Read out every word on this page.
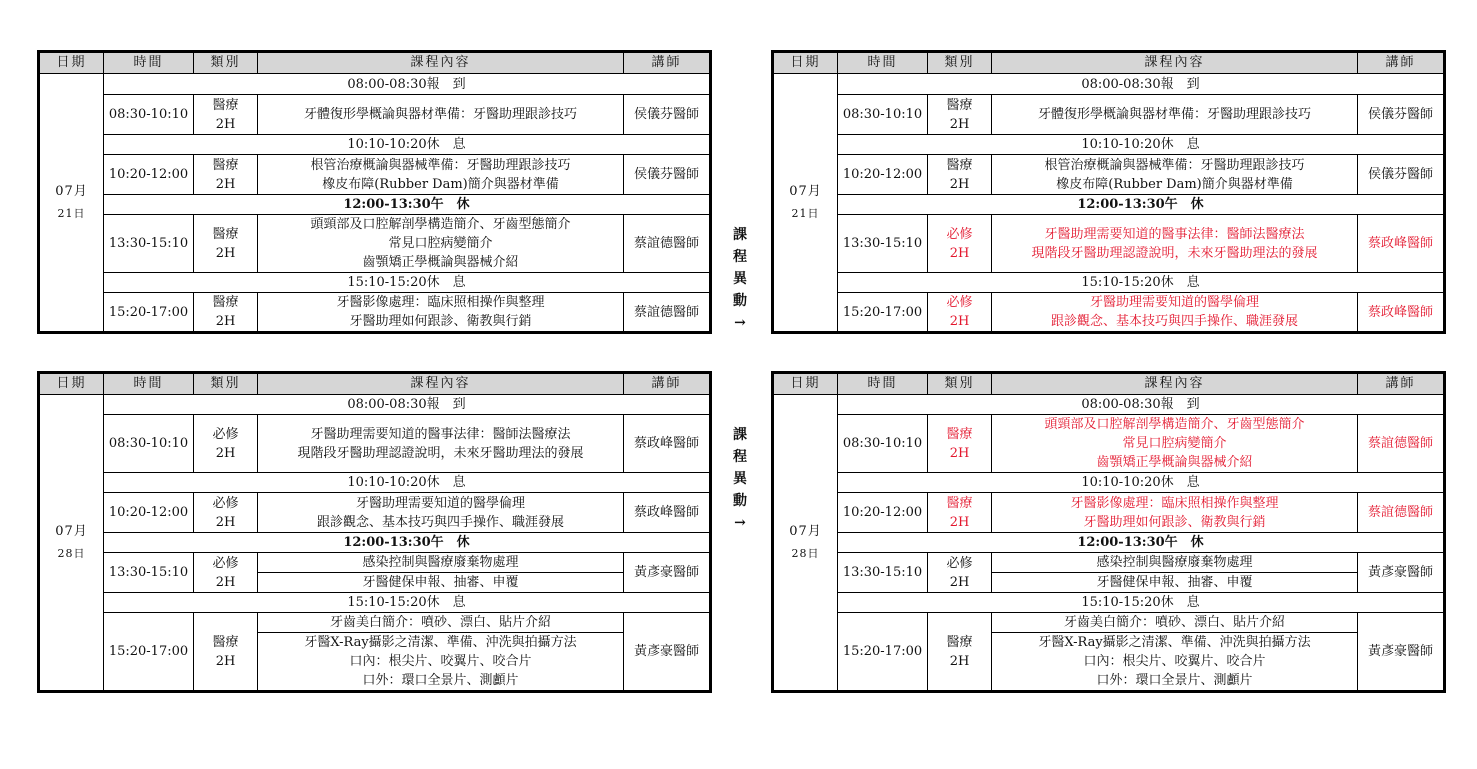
日期	時間	類別	課程內容	講師

07月
21日	08:00-08:30報　到			
	08:30-10:10	醫療
2H	牙體復形學概論與器材準備：牙醫助理跟診技巧	侯儀芬醫師
	10:10-10:20休　息			
	10:20-12:00	醫療
2H	根管治療概論與器械準備：牙醫助理跟診技巧
橡皮布障(Rubber Dam)簡介與器材準備	侯儀芬醫師
	12:00-13:30午　休			
	13:30-15:10	醫療
2H	頭頸部及口腔解剖學構造簡介、牙齒型態簡介
常見口腔病變簡介
齒顎矯正學概論與器械介紹	蔡誼德醫師
	15:10-15:20休　息			
	15:20-17:00	醫療
2H	牙醫影像處理：臨床照相操作與整理
牙醫助理如何跟診、衛教與行銷	蔡誼德醫師
課
程
異
動
→
日期	時間	類別	課程內容	講師

07月
21日	08:00-08:30報　到			
	08:30-10:10	醫療
2H	牙體復形學概論與器材準備：牙醫助理跟診技巧	侯儀芬醫師
	10:10-10:20休　息			
	10:20-12:00	醫療
2H	根管治療概論與器械準備：牙醫助理跟診技巧
橡皮布障(Rubber Dam)簡介與器材準備	侯儀芬醫師
	12:00-13:30午　休			
	13:30-15:10	必修
2H	牙醫助理需要知道的醫事法律：醫師法醫療法
現階段牙醫助理認證說明，未來牙醫助理法的發展	蔡政峰醫師
	15:10-15:20休　息			
	15:20-17:00	必修
2H	牙醫助理需要知道的醫學倫理
跟診觀念、基本技巧與四手操作、職涯發展	蔡政峰醫師
日期	時間	類別	課程內容	講師

07月
28日	08:00-08:30報　到			
	08:30-10:10	必修
2H	牙醫助理需要知道的醫事法律：醫師法醫療法
現階段牙醫助理認證說明，未來牙醫助理法的發展	蔡政峰醫師
	10:10-10:20休　息			
	10:20-12:00	必修
2H	牙醫助理需要知道的醫學倫理
跟診觀念、基本技巧與四手操作、職涯發展	蔡政峰醫師
	12:00-13:30午　休			
	13:30-15:10	必修
2H	感染控制與醫療廢棄物處理	黃彥豪醫師
			牙醫健保申報、抽審、申覆	
	15:10-15:20休　息			
	15:20-17:00	醫療
2H	牙齒美白簡介：噴砂、漂白、貼片介紹	黃彥豪醫師

			牙醫X-Ray攝影之清潔、準備、沖洗與拍攝方法
口內：根尖片、咬翼片、咬合片
口外：環口全景片、測顱片	
課
程
異
動
→
日期	時間	類別	課程內容	講師

07月
28日	08:00-08:30報　到			
	08:30-10:10	醫療
2H	頭頸部及口腔解剖學構造簡介、牙齒型態簡介
常見口腔病變簡介
齒顎矯正學概論與器械介紹	蔡誼德醫師
	10:10-10:20休　息			
	10:20-12:00	醫療
2H	牙醫影像處理：臨床照相操作與整理
牙醫助理如何跟診、衛教與行銷	蔡誼德醫師
	12:00-13:30午　休			
	13:30-15:10	必修
2H	感染控制與醫療廢棄物處理	黃彥豪醫師
			牙醫健保申報、抽審、申覆	
	15:10-15:20休　息			
	15:20-17:00	醫療
2H	牙齒美白簡介：噴砂、漂白、貼片介紹	黃彥豪醫師

			牙醫X-Ray攝影之清潔、準備、沖洗與拍攝方法
口內：根尖片、咬翼片、咬合片
口外：環口全景片、測顱片	
